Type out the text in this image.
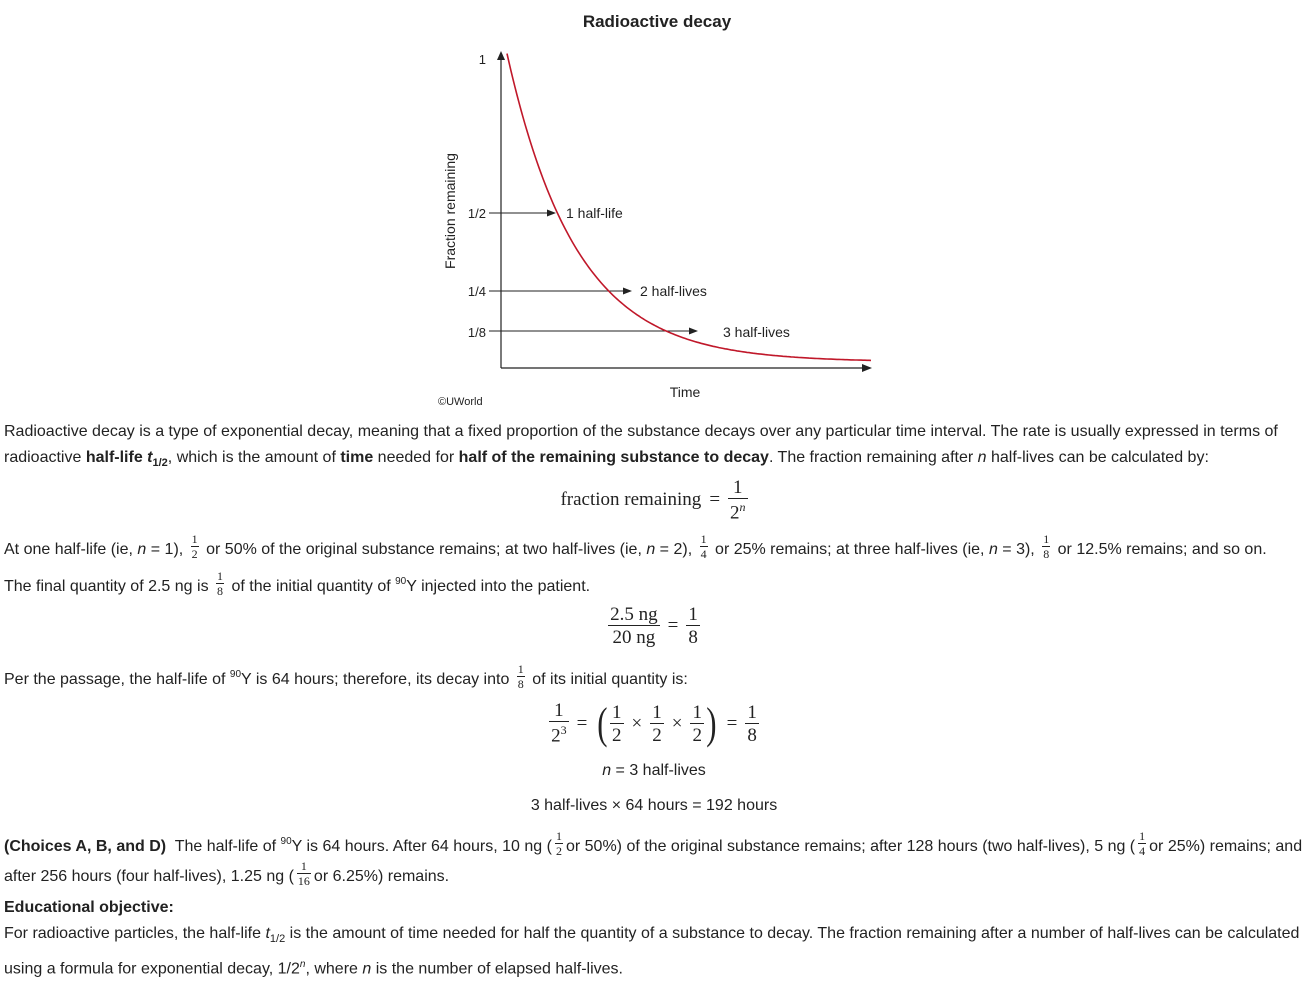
Radioactive decay
1
1/2
1/4
1/8
Fraction remaining
Time
©UWorld
1 half-life
2 half-lives
3 half-lives
Radioactive decay is a type of exponential decay, meaning that a fixed proportion of the substance decays over any particular time interval. The rate is usually expressed in terms of radioactive half-life $t_{1/2}$, which is the amount of time needed for half of the remaining substance to decay. The fraction remaining after n half-lives can be calculated by:
fraction remaining = $\frac{1}{2^n}$
At one half-life (ie, n = 1), $\frac{1}{2}$ or 50% of the original substance remains; at two half-lives (ie, n = 2), $\frac{1}{4}$ or 25% remains; at three half-lives (ie, n = 3), $\frac{1}{8}$ or 12.5% remains; and so on.
The final quantity of 2.5 ng is $\frac{1}{8}$ of the initial quantity of $^{90}$Y injected into the patient.
$\frac{2.5 ng}{20 ng} = \frac{1}{8}$
Per the passage, the half-life of $^{90}$Y is 64 hours; therefore, its decay into $\frac{1}{8}$ of its initial quantity is:
$\frac{1}{2^3}$ = ( $\frac{1}{2} \times \frac{1}{2} \times \frac{1}{2}$ ) = $\frac{1}{8}$
n = 3 half-lives
3 half-lives × 64 hours = 192 hours
(Choices A, B, and D)  The half-life of $^{90}$Y is 64 hours. After 64 hours, 10 ng ( $\frac{1}{2}$ or 50%) of the original substance remains; after 128 hours (two half-lives), 5 ng ( $\frac{1}{4}$ or 25%) remains; and after 256 hours (four half-lives), 1.25 ng ( $\frac{1}{16}$ or 6.25%) remains.
Educational objective:
For radioactive particles, the half-life $t_{1/2}$ is the amount of time needed for half the quantity of a substance to decay. The fraction remaining after a number of half-lives can be calculated using a formula for exponential decay, 1/2$^n$, where n is the number of elapsed half-lives.
